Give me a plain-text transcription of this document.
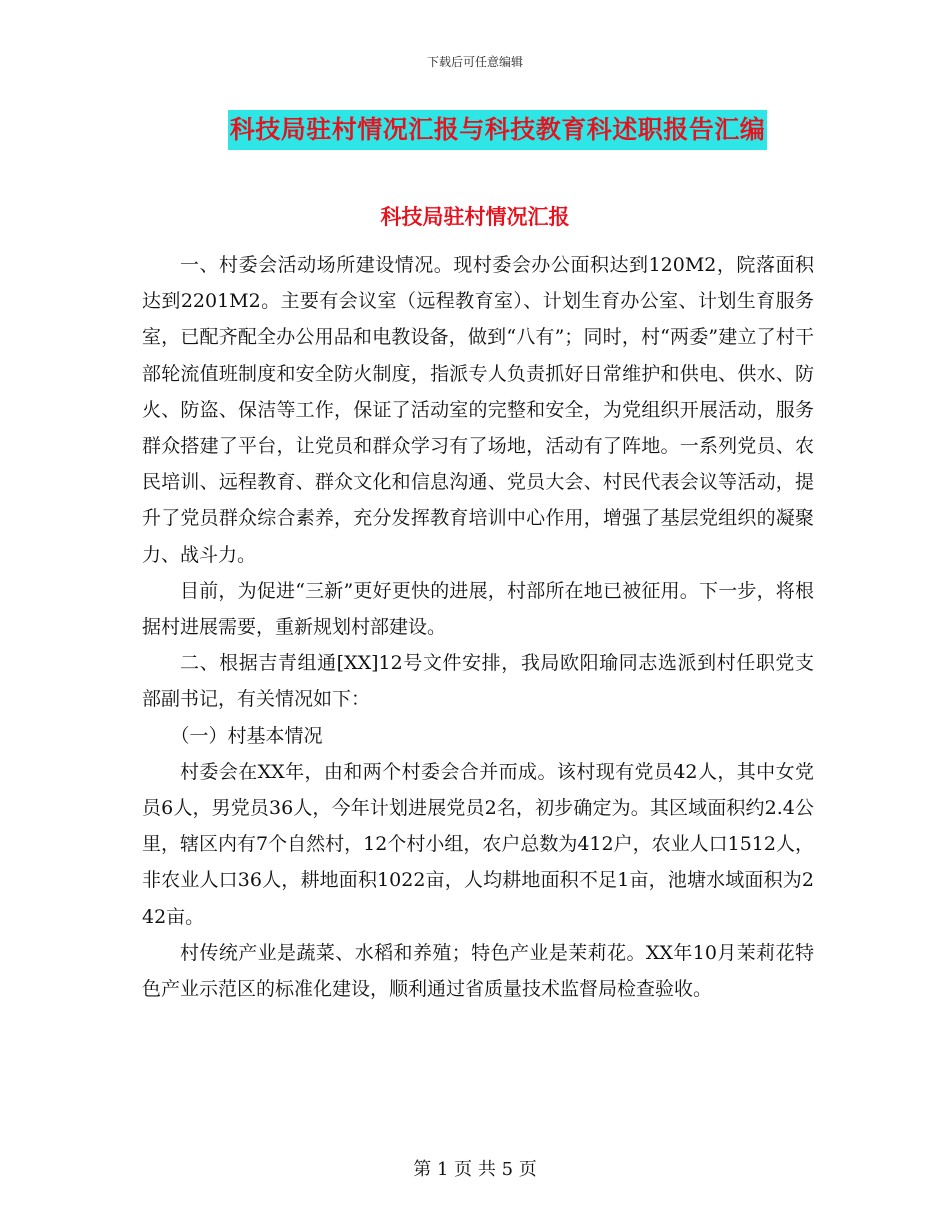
下载后可任意编辑
科技局驻村情况汇报与科技教育科述职报告汇编
科技局驻村情况汇报

一、村委会活动场所建设情况。现村委会办公面积达到120M2，院落面积达到2201M2。主要有会议室（远程教育室）、计划生育办公室、计划生育服务室，已配齐配全办公用品和电教设备，做到“八有”；同时，村“两委”建立了村干部轮流值班制度和安全防火制度，指派专人负责抓好日常维护和供电、供水、防火、防盗、保洁等工作，保证了活动室的完整和安全，为党组织开展活动，服务群众搭建了平台，让党员和群众学习有了场地，活动有了阵地。一系列党员、农民培训、远程教育、群众文化和信息沟通、党员大会、村民代表会议等活动，提升了党员群众综合素养，充分发挥教育培训中心作用，增强了基层党组织的凝聚力、战斗力。

目前，为促进“三新”更好更快的进展，村部所在地已被征用。下一步，将根据村进展需要，重新规划村部建设。

二、根据吉青组通[XX]12号文件安排，我局欧阳瑜同志选派到村任职党支部副书记，有关情况如下：

（一）村基本情况

村委会在XX年，由和两个村委会合并而成。该村现有党员42人，其中女党员6人，男党员36人，今年计划进展党员2名，初步确定为。其区域面积约2.4公里，辖区内有7个自然村，12个村小组，农户总数为412户，农业人口1512人，非农业人口36人，耕地面积1022亩，人均耕地面积不足1亩，池塘水域面积为242亩。

村传统产业是蔬菜、水稻和养殖；特色产业是茉莉花。XX年10月茉莉花特色产业示范区的标准化建设，顺利通过省质量技术监督局检查验收。

第 1 页 共 5 页
